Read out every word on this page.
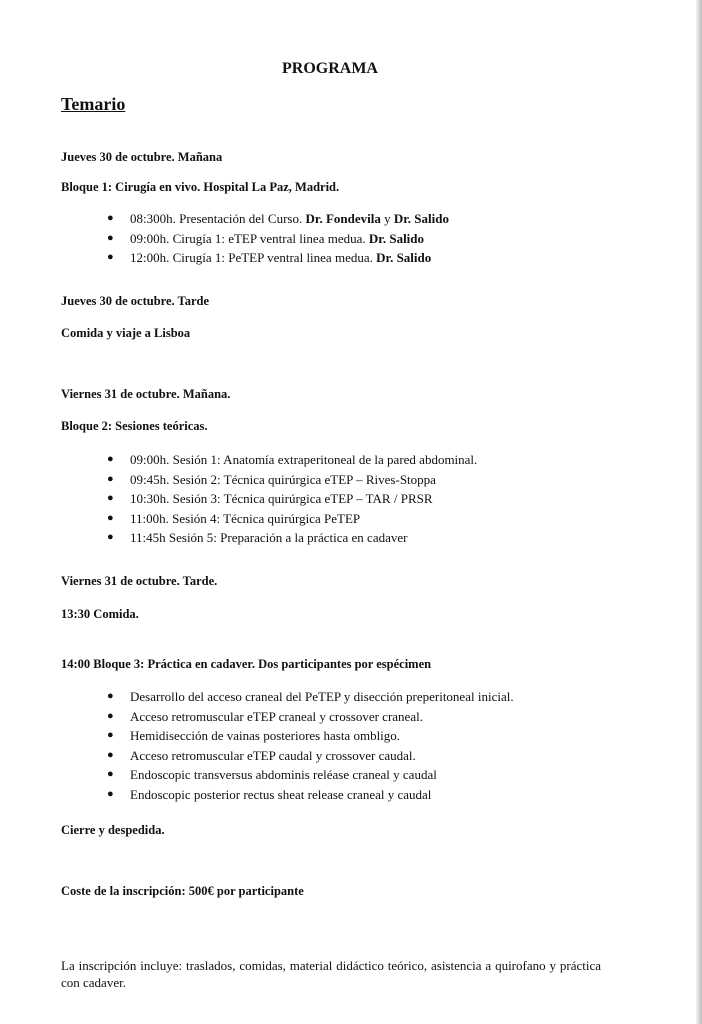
PROGRAMA
Temario

Jueves 30 de octubre. Mañana

Bloque 1: Cirugía en vivo. Hospital La Paz, Madrid.

● 08:300h. Presentación del Curso. Dr. Fondevila y Dr. Salido
● 09:00h. Cirugía 1: eTEP ventral linea medua. Dr. Salido
● 12:00h. Cirugía 1: PeTEP ventral linea medua. Dr. Salido

Jueves 30 de octubre. Tarde

Comida y viaje a Lisboa

Viernes 31 de octubre. Mañana.

Bloque 2: Sesiones teóricas.

● 09:00h. Sesión 1: Anatomía extraperitoneal de la pared abdominal.
● 09:45h. Sesión 2: Técnica quirúrgica eTEP – Rives-Stoppa
● 10:30h. Sesión 3: Técnica quirúrgica eTEP – TAR / PRSR
● 11:00h. Sesión 4: Técnica quirúrgica PeTEP
● 11:45h Sesión 5: Preparación a la práctica en cadaver

Viernes 31 de octubre. Tarde.

13:30 Comida.

14:00 Bloque 3: Práctica en cadaver. Dos participantes por espécimen

● Desarrollo del acceso craneal del PeTEP y disección preperitoneal inicial.
● Acceso retromuscular eTEP craneal y crossover craneal.
● Hemidisección de vainas posteriores hasta ombligo.
● Acceso retromuscular eTEP caudal y crossover caudal.
● Endoscopic transversus abdominis reléase craneal y caudal
● Endoscopic posterior rectus sheat release craneal y caudal

Cierre y despedida.

Coste de la inscripción: 500€ por participante

La inscripción incluye: traslados, comidas, material didáctico teórico, asistencia a quirofano y práctica con cadaver.
